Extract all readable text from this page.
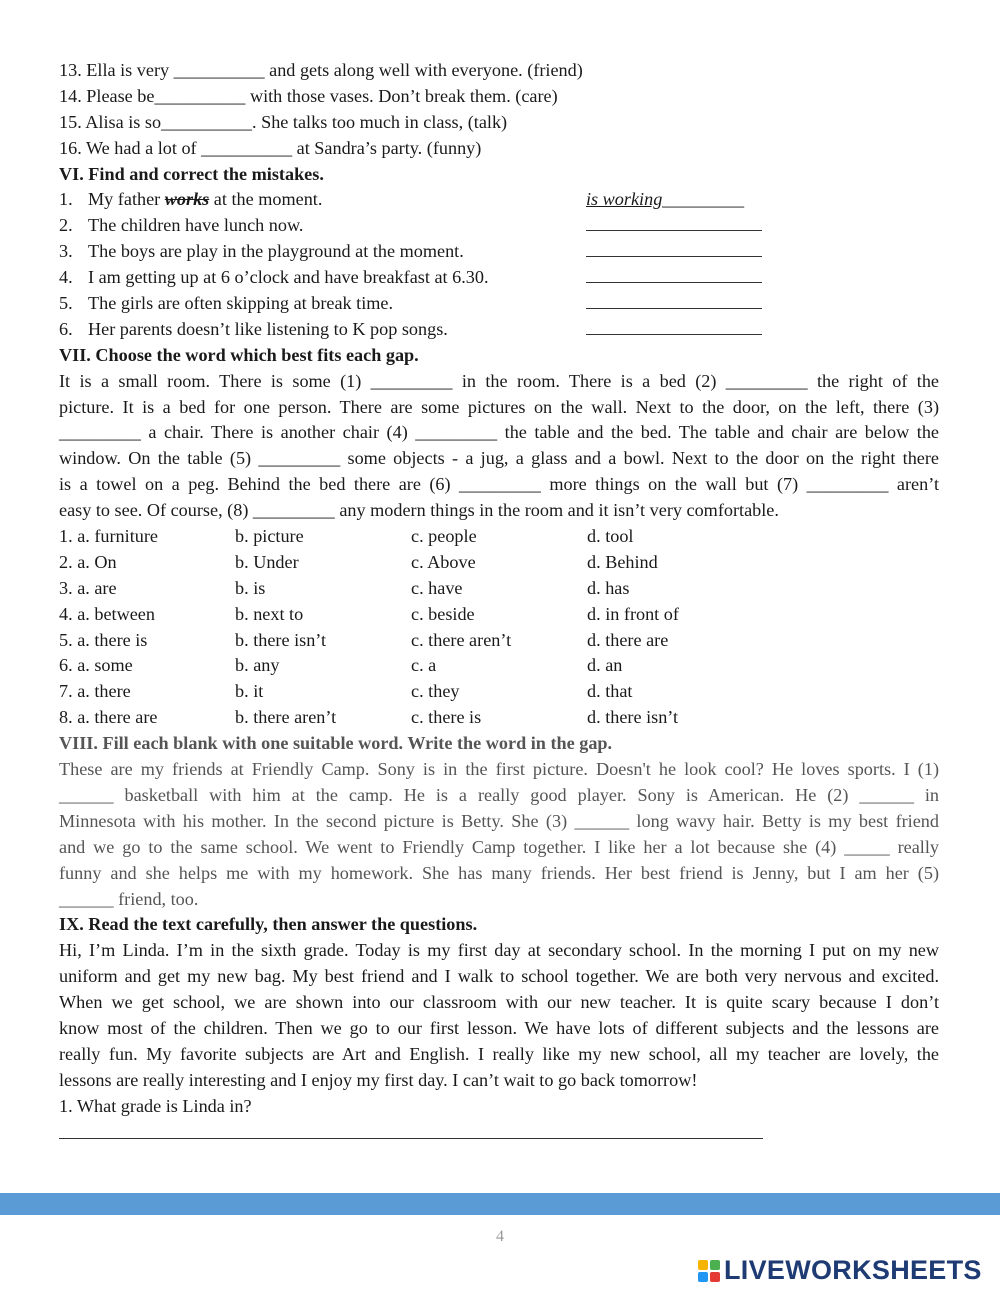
13. Ella is very __________ and gets along well with everyone. (friend)
14. Please be__________ with those vases. Don’t break them. (care)
15. Alisa is so__________. She talks too much in class, (talk)
16. We had a lot of __________ at Sandra’s party. (funny)
VI. Find and correct the mistakes.
1. My father works at the moment.	is working_________
2. The children have lunch now.
3. The boys are play in the playground at the moment.
4. I am getting up at 6 o’clock and have breakfast at 6.30.
5. The girls are often skipping at break time.
6. Her parents doesn’t like listening to K pop songs.
VII. Choose the word which best fits each gap.
It is a small room. There is some (1) _________ in the room. There is a bed (2) _________ the right of the
picture. It is a bed for one person. There are some pictures on the wall. Next to the door, on the left, there (3)
_________ a chair. There is another chair (4) _________ the table and the bed. The table and chair are below the
window. On the table (5) _________ some objects - a jug, a glass and a bowl. Next to the door on the right there
is a towel on a peg. Behind the bed there are (6) _________ more things on the wall but (7) _________ aren’t
easy to see. Of course, (8) _________ any modern things in the room and it isn’t very comfortable.
1. a. furniture	b. picture	c. people	d. tool
2. a. On	b. Under	c. Above	d. Behind
3. a. are	b. is	c. have	d. has
4. a. between	b. next to	c. beside	d. in front of
5. a. there is	b. there isn’t	c. there aren’t	d. there are
6. a. some	b. any	c. a	d. an
7. a. there	b. it	c. they	d. that
8. a. there are	b. there aren’t	c. there is	d. there isn’t
VIII. Fill each blank with one suitable word. Write the word in the gap.
These are my friends at Friendly Camp. Sony is in the first picture. Doesn't he look cool? He loves sports. I (1)
______ basketball with him at the camp. He is a really good player. Sony is American. He (2) ______ in
Minnesota with his mother. In the second picture is Betty. She (3) ______ long wavy hair. Betty is my best friend
and we go to the same school. We went to Friendly Camp together. I like her a lot because she (4) _____ really
funny and she helps me with my homework. She has many friends. Her best friend is Jenny, but I am her (5)
______ friend, too.
IX. Read the text carefully, then answer the questions.
Hi, I’m Linda. I’m in the sixth grade. Today is my first day at secondary school. In the morning I put on my new
uniform and get my new bag. My best friend and I walk to school together. We are both very nervous and excited.
When we get school, we are shown into our classroom with our new teacher. It is quite scary because I don’t
know most of the children. Then we go to our first lesson. We have lots of different subjects and the lessons are
really fun. My favorite subjects are Art and English. I really like my new school, all my teacher are lovely, the
lessons are really interesting and I enjoy my first day. I can’t wait to go back tomorrow!
1. What grade is Linda in?
4
LIVEWORKSHEETS
